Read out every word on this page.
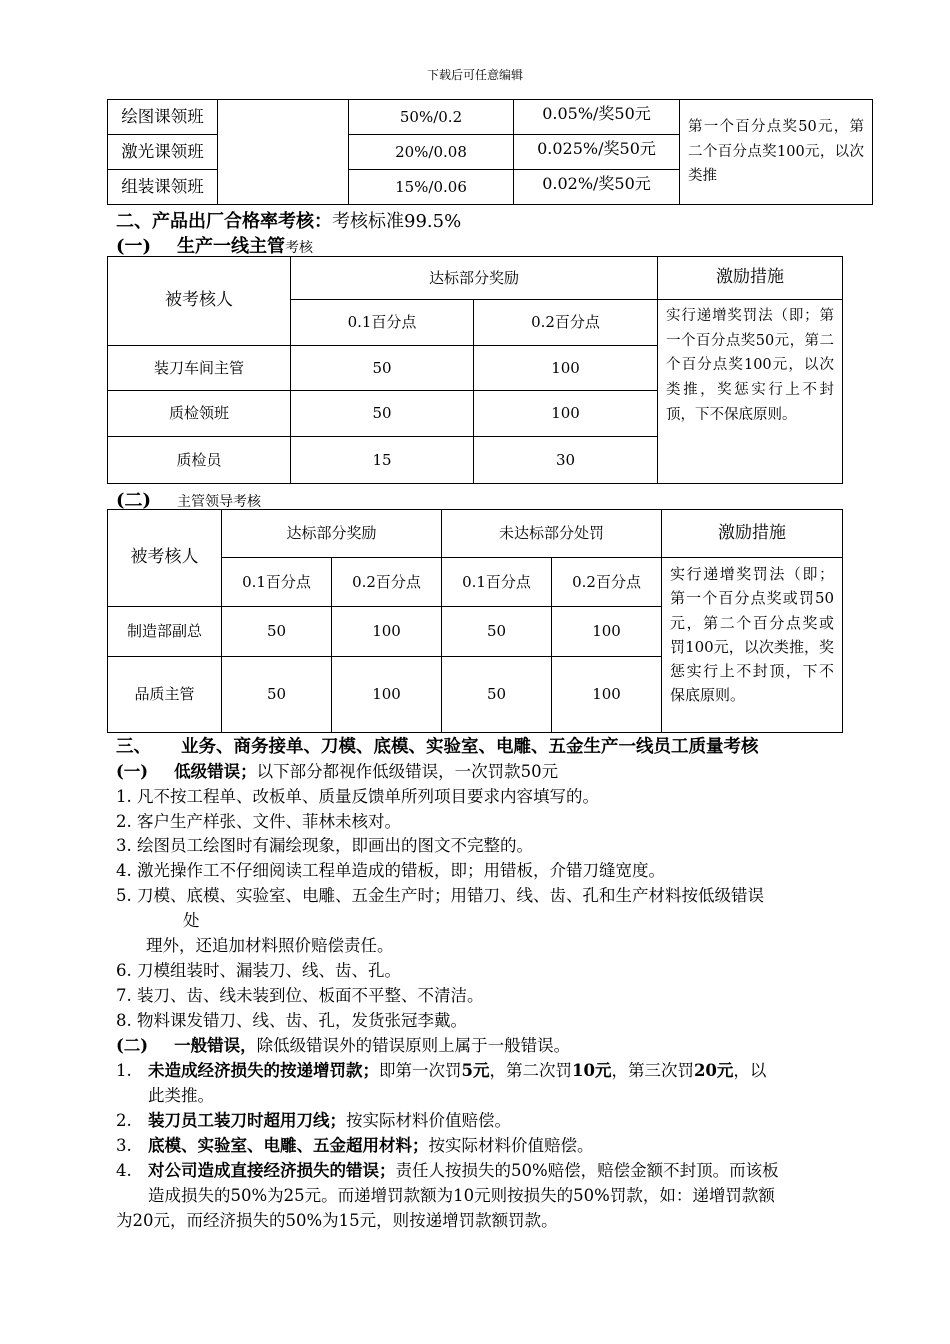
下载后可任意编辑
绘图课领班		50%/0.2	0.05%/奖50元	第一个百分点奖50元，第二个百分点奖100元，以次类推
激光课领班		20%/0.08	0.025%/奖50元	
组装课领班		15%/0.06	0.02%/奖50元	
二、产品出厂合格率考核：考核标准99.5%
(一) 生产一线主管考核
被考核人	达标部分奖励		激励措施
	0.1百分点	0.2百分点	实行递增奖罚法（即；第一个百分点奖50元，第二个百分点奖100元，以次类推，奖惩实行上不封顶，下不保底原则。
装刀车间主管	50	100	
质检领班	50	100	
质检员	15	30	
(二) 主管领导考核
被考核人	达标部分奖励		未达标部分处罚		激励措施
	0.1百分点	0.2百分点	0.1百分点	0.2百分点	实行递增奖罚法（即；第一个百分点奖或罚50元，第二个百分点奖或罚100元，以次类推，奖惩实行上不封顶，下不保底原则。
制造部副总	50	100	50	100	
品质主管	50	100	50	100	
三、 业务、商务接单、刀模、底模、实验室、电雕、五金生产一线员工质量考核
(一) 低级错误；以下部分都视作低级错误，一次罚款50元
1. 凡不按工程单、改板单、质量反馈单所列项目要求内容填写的。
2. 客户生产样张、文件、菲林未核对。
3. 绘图员工绘图时有漏绘现象，即画出的图文不完整的。
4. 激光操作工不仔细阅读工程单造成的错板，即；用错板，介错刀缝宽度。
5. 刀模、底模、实验室、电雕、五金生产时；用错刀、线、齿、孔和生产材料按低级错误
处
理外，还追加材料照价赔偿责任。
6. 刀模组装时、漏装刀、线、齿、孔。
7. 装刀、齿、线未装到位、板面不平整、不清洁。
8. 物料课发错刀、线、齿、孔，发货张冠李戴。
(二) 一般错误，除低级错误外的错误原则上属于一般错误。
1. 未造成经济损失的按递增罚款；即第一次罚5元，第二次罚10元，第三次罚20元，以
此类推。
2. 装刀员工装刀时超用刀线；按实际材料价值赔偿。
3. 底模、实验室、电雕、五金超用材料；按实际材料价值赔偿。
4. 对公司造成直接经济损失的错误；责任人按损失的50%赔偿，赔偿金额不封顶。而该板
造成损失的50%为25元。而递增罚款额为10元则按损失的50%罚款，如：递增罚款额
为20元，而经济损失的50%为15元，则按递增罚款额罚款。
